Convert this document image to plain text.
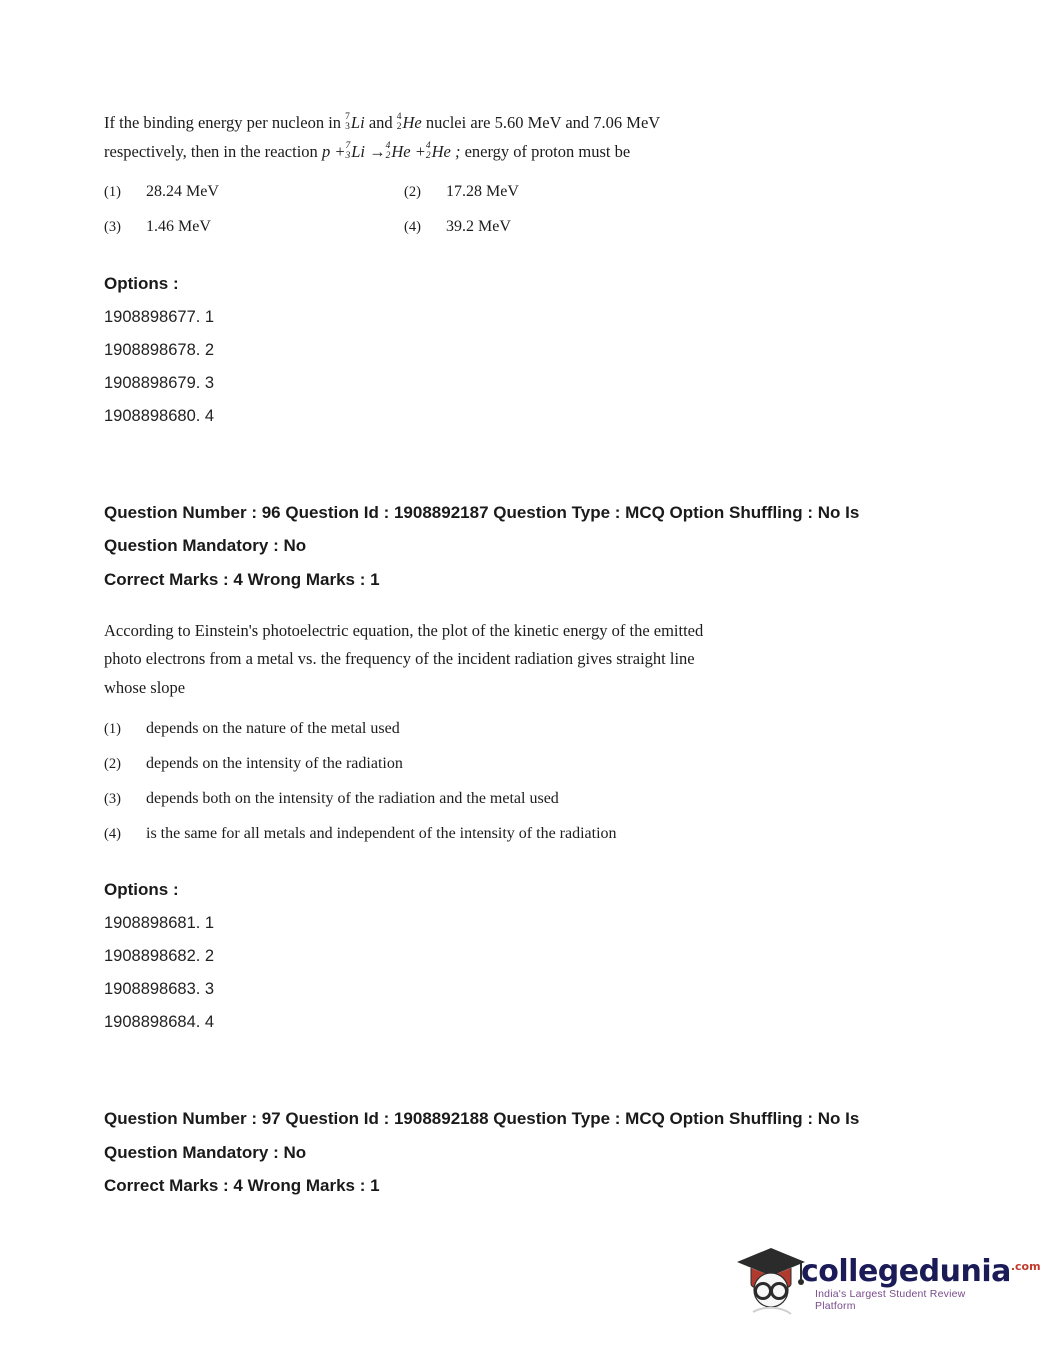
If the binding energy per nucleon in 7
3 Li and 4
2 He nuclei are 5.60 MeV and 7.06 MeV

respectively, then in the reaction p + 7
3 Li → 4
2 He + 4
2 He ; energy of proton must be

(1)	28.24 MeV	(2)	17.28 MeV
(3)	1.46 MeV	(4)	39.2 MeV
Options :
1908898677. 1
1908898678. 2
1908898679. 3
1908898680. 4
Question Number : 96 Question Id : 1908892187 Question Type : MCQ Option Shuffling : No Is
Question Mandatory : No
Correct Marks : 4 Wrong Marks : 1

According to Einstein's photoelectric equation, the plot of the kinetic energy of the emitted

photo electrons from a metal vs. the frequency of the incident radiation gives straight line

whose slope

(1)	depends on the nature of the metal used
(2)	depends on the intensity of the radiation
(3)	depends both on the intensity of the radiation and the metal used
(4)	is the same for all metals and independent of the intensity of the radiation
Options :
1908898681. 1
1908898682. 2
1908898683. 3
1908898684. 4
Question Number : 97 Question Id : 1908892188 Question Type : MCQ Option Shuffling : No Is
Question Mandatory : No
Correct Marks : 4 Wrong Marks : 1
collegedunia$^{.com}$
India's Largest Student Review Platform
